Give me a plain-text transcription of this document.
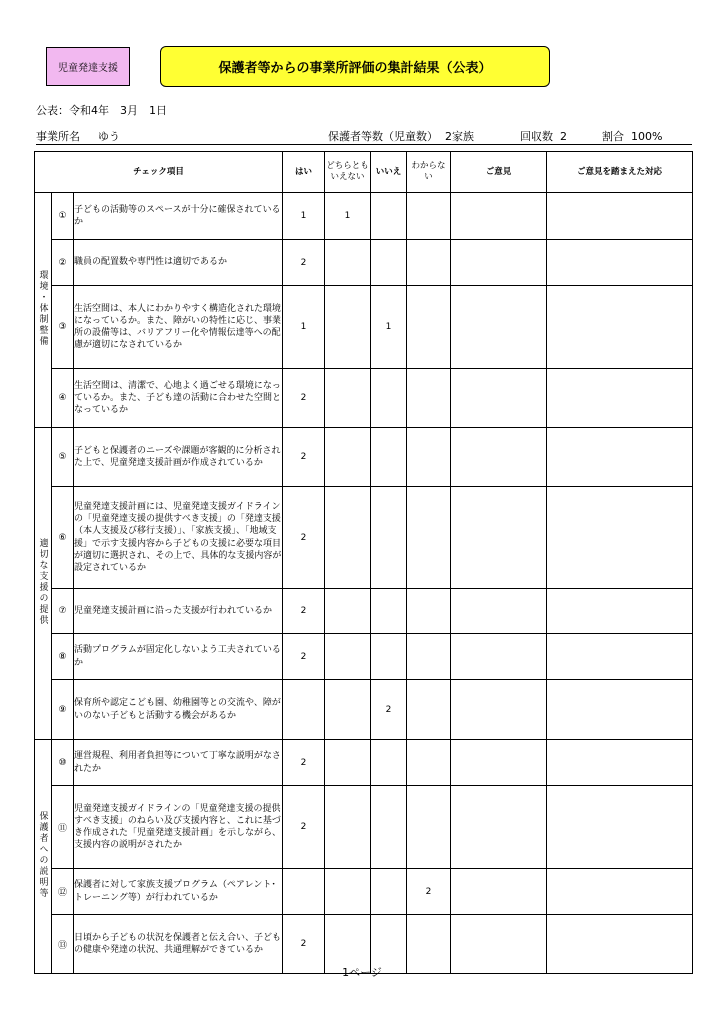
児童発達支援	保護者等からの事業所評価の集計結果（公表）
公表：令和4年　3月　1日
事業所名 ゆう	保護者等数（児童数）  2家族	回収数  2	割合  100%
チェック項目			はい	どちらとも いえない	いいえ	わからな い	ご意見	ご意見を踏まえた対応
環境・体制整備	①	子どもの活動等のスペースが十分に確保されているか	1	1				
	②	職員の配置数や専門性は適切であるか	2					
	③	生活空間は、本人にわかりやすく構造化された環境になっているか。また、障がいの特性に応じ、事業所の設備等は、バリアフリー化や情報伝達等への配慮が適切になされているか	1		1			
	④	生活空間は、清潔で、心地よく過ごせる環境になっているか。また、子ども達の活動に合わせた空間となっているか	2					
適切な支援の提供	⑤	子どもと保護者のニーズや課題が客観的に分析された上で、児童発達支援計画が作成されているか	2					
	⑥	児童発達支援計画には、児童発達支援ガイドラインの「児童発達支援の提供すべき支援」の「発達支援（本人支援及び移行支援）」、「家族支援」、「地域支援」で示す支援内容から子どもの支援に必要な項目が適切に選択され、その上で、具体的な支援内容が設定されているか	2					
	⑦	児童発達支援計画に沿った支援が行われているか	2					
	⑧	活動プログラムが固定化しないよう工夫されているか	2					
	⑨	保育所や認定こども園、幼稚園等との交流や、障がいのない子どもと活動する機会があるか			2			
保護者への説明等	⑩	運営規程、利用者負担等について丁寧な説明がなされたか	2					
	⑪	児童発達支援ガイドラインの「児童発達支援の提供すべき支援」のねらい及び支援内容と、これに基づき作成された「児童発達支援計画」を示しながら、支援内容の説明がされたか	2					
	⑫	保護者に対して家族支援プログラム（ペアレント･トレーニング等）が行われているか				2		
	⑬	日頃から子どもの状況を保護者と伝え合い、子どもの健康や発達の状況、共通理解ができているか	2					
1ページ
